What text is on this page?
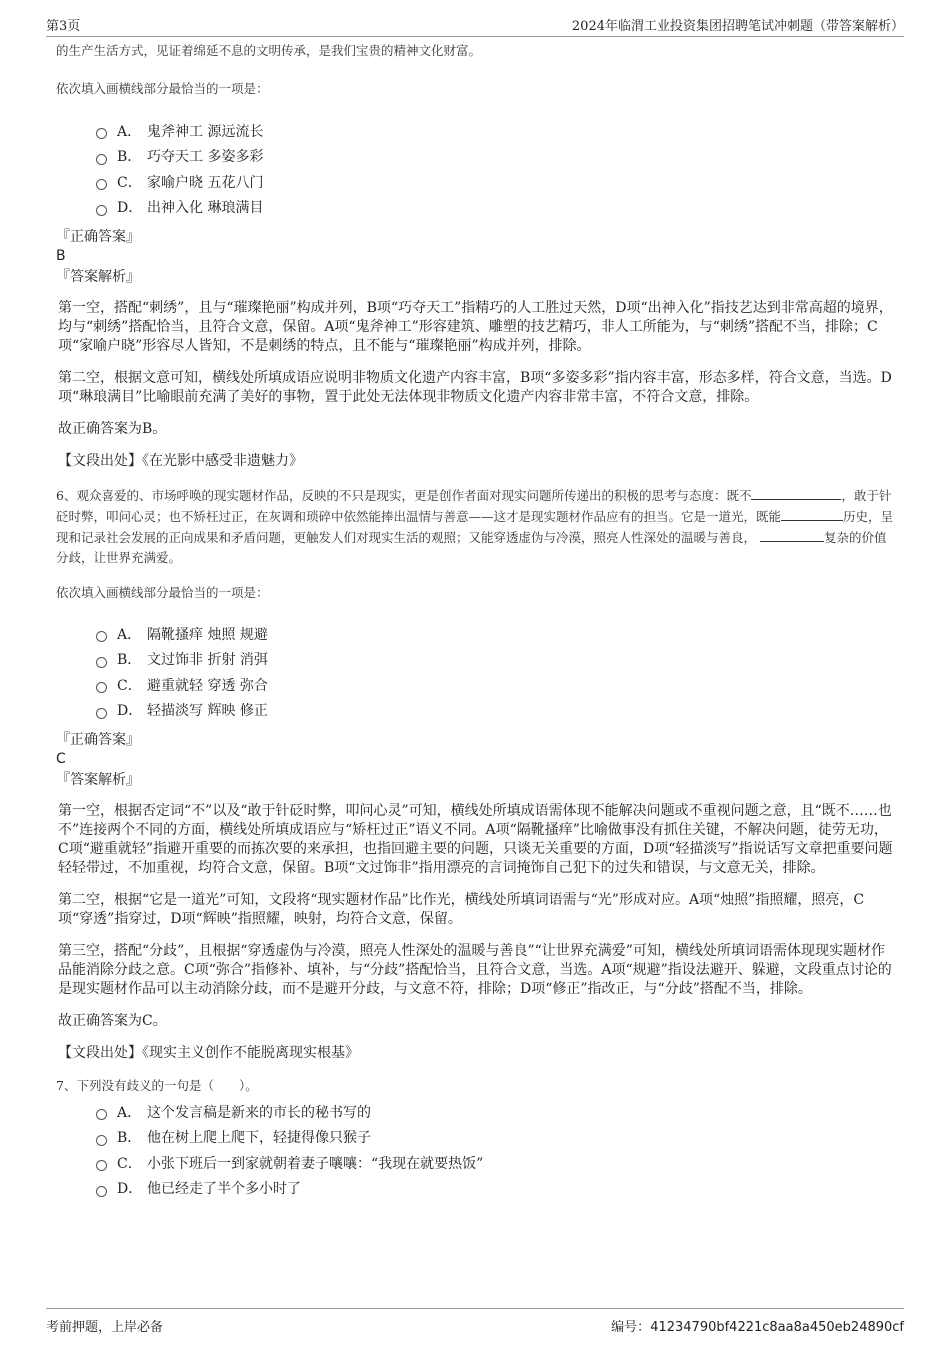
第3页	2024年临渭工业投资集团招聘笔试冲刺题（带答案解析）
的生产生活方式，见证着绵延不息的文明传承，是我们宝贵的精神文化财富。
依次填入画横线部分最恰当的一项是：
A． 鬼斧神工 源远流长
B． 巧夺天工 多姿多彩
C． 家喻户晓 五花八门
D． 出神入化 琳琅满目
『正确答案』
B
『答案解析』
第一空，搭配“刺绣”，且与“璀璨艳丽”构成并列，B项“巧夺天工”指精巧的人工胜过天然，D项“出神入化”指技艺达到非常高超的境界，均与“刺绣”搭配恰当，且符合文意，保留。A项“鬼斧神工”形容建筑、雕塑的技艺精巧，非人工所能为，与“刺绣”搭配不当，排除；C项“家喻户晓”形容尽人皆知，不是刺绣的特点，且不能与“璀璨艳丽”构成并列，排除。
第二空，根据文意可知，横线处所填成语应说明非物质文化遗产内容丰富，B项“多姿多彩”指内容丰富，形态多样，符合文意，当选。D项“琳琅满目”比喻眼前充满了美好的事物，置于此处无法体现非物质文化遗产内容非常丰富，不符合文意，排除。
故正确答案为B。
【文段出处】《在光影中感受非遗魅力》
6、观众喜爱的、市场呼唤的现实题材作品，反映的不只是现实，更是创作者面对现实问题所传递出的积极的思考与态度：既不	，敢于针砭时弊，叩问心灵；也不矫枉过正，在灰调和琐碎中依然能捧出温情与善意——这才是现实题材作品应有的担当。它是一道光，既能	历史，呈现和记录社会发展的正向成果和矛盾问题，更触发人们对现实生活的观照；又能穿透虚伪与冷漠，照亮人性深处的温暖与善良，	复杂的价值分歧，让世界充满爱。
依次填入画横线部分最恰当的一项是：
A． 隔靴搔痒 烛照 规避
B． 文过饰非 折射 消弭
C． 避重就轻 穿透 弥合
D． 轻描淡写 辉映 修正
『正确答案』
C
『答案解析』
第一空，根据否定词“不”以及“敢于针砭时弊，叩问心灵”可知，横线处所填成语需体现不能解决问题或不重视问题之意，且“既不……也不”连接两个不同的方面，横线处所填成语应与“矫枉过正”语义不同。A项“隔靴搔痒”比喻做事没有抓住关键，不解决问题，徒劳无功，C项“避重就轻”指避开重要的而拣次要的来承担，也指回避主要的问题，只谈无关重要的方面，D项“轻描淡写”指说话写文章把重要问题轻轻带过，不加重视，均符合文意，保留。B项“文过饰非”指用漂亮的言词掩饰自己犯下的过失和错误，与文意无关，排除。
第二空，根据“它是一道光”可知，文段将“现实题材作品”比作光，横线处所填词语需与“光”形成对应。A项“烛照”指照耀，照亮，C项“穿透”指穿过，D项“辉映”指照耀，映射，均符合文意，保留。
第三空，搭配“分歧”，且根据“穿透虚伪与冷漠，照亮人性深处的温暖与善良”“让世界充满爱”可知，横线处所填词语需体现现实题材作品能消除分歧之意。C项“弥合”指修补、填补，与“分歧”搭配恰当，且符合文意，当选。A项“规避”指设法避开、躲避，文段重点讨论的是现实题材作品可以主动消除分歧，而不是避开分歧，与文意不符，排除；D项“修正”指改正，与“分歧”搭配不当，排除。
故正确答案为C。
【文段出处】《现实主义创作不能脱离现实根基》
7、下列没有歧义的一句是（　　）。
A． 这个发言稿是新来的市长的秘书写的
B． 他在树上爬上爬下，轻捷得像只猴子
C． 小张下班后一到家就朝着妻子嚷嚷：“我现在就要热饭”
D． 他已经走了半个多小时了
考前押题，上岸必备	编号：41234790bf4221c8aa8a450eb24890cf
